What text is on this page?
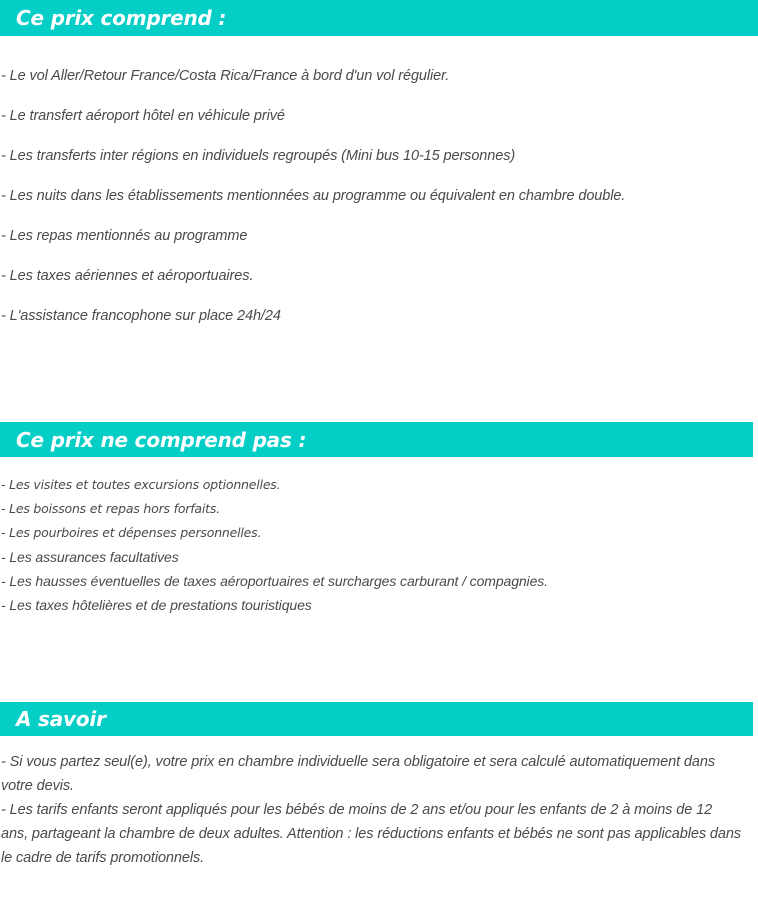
Ce prix comprend :
- Le vol Aller/Retour France/Costa Rica/France à bord d'un vol régulier.
- Le transfert aéroport hôtel en véhicule privé
- Les transferts inter régions en individuels regroupés (Mini bus 10-15 personnes)
- Les nuits dans les établissements mentionnées au programme ou équivalent en chambre double.
- Les repas mentionnés au programme
- Les taxes aériennes et aéroportuaires.
- L'assistance francophone sur place 24h/24
Ce prix ne comprend pas :
- Les visites et toutes excursions optionnelles.
- Les boissons et repas hors forfaits.
- Les pourboires et dépenses personnelles.
- Les assurances facultatives
- Les hausses éventuelles de taxes aéroportuaires et surcharges carburant / compagnies.
- Les taxes hôtelières et de prestations touristiques
A savoir

- Si vous partez seul(e), votre prix en chambre individuelle sera obligatoire et sera calculé automatiquement dans votre devis.

- Les tarifs enfants seront appliqués pour les bébés de moins de 2 ans et/ou pour les enfants de 2 à moins de 12 ans, partageant la chambre de deux adultes. Attention : les réductions enfants et bébés ne sont pas applicables dans le cadre de tarifs promotionnels.
